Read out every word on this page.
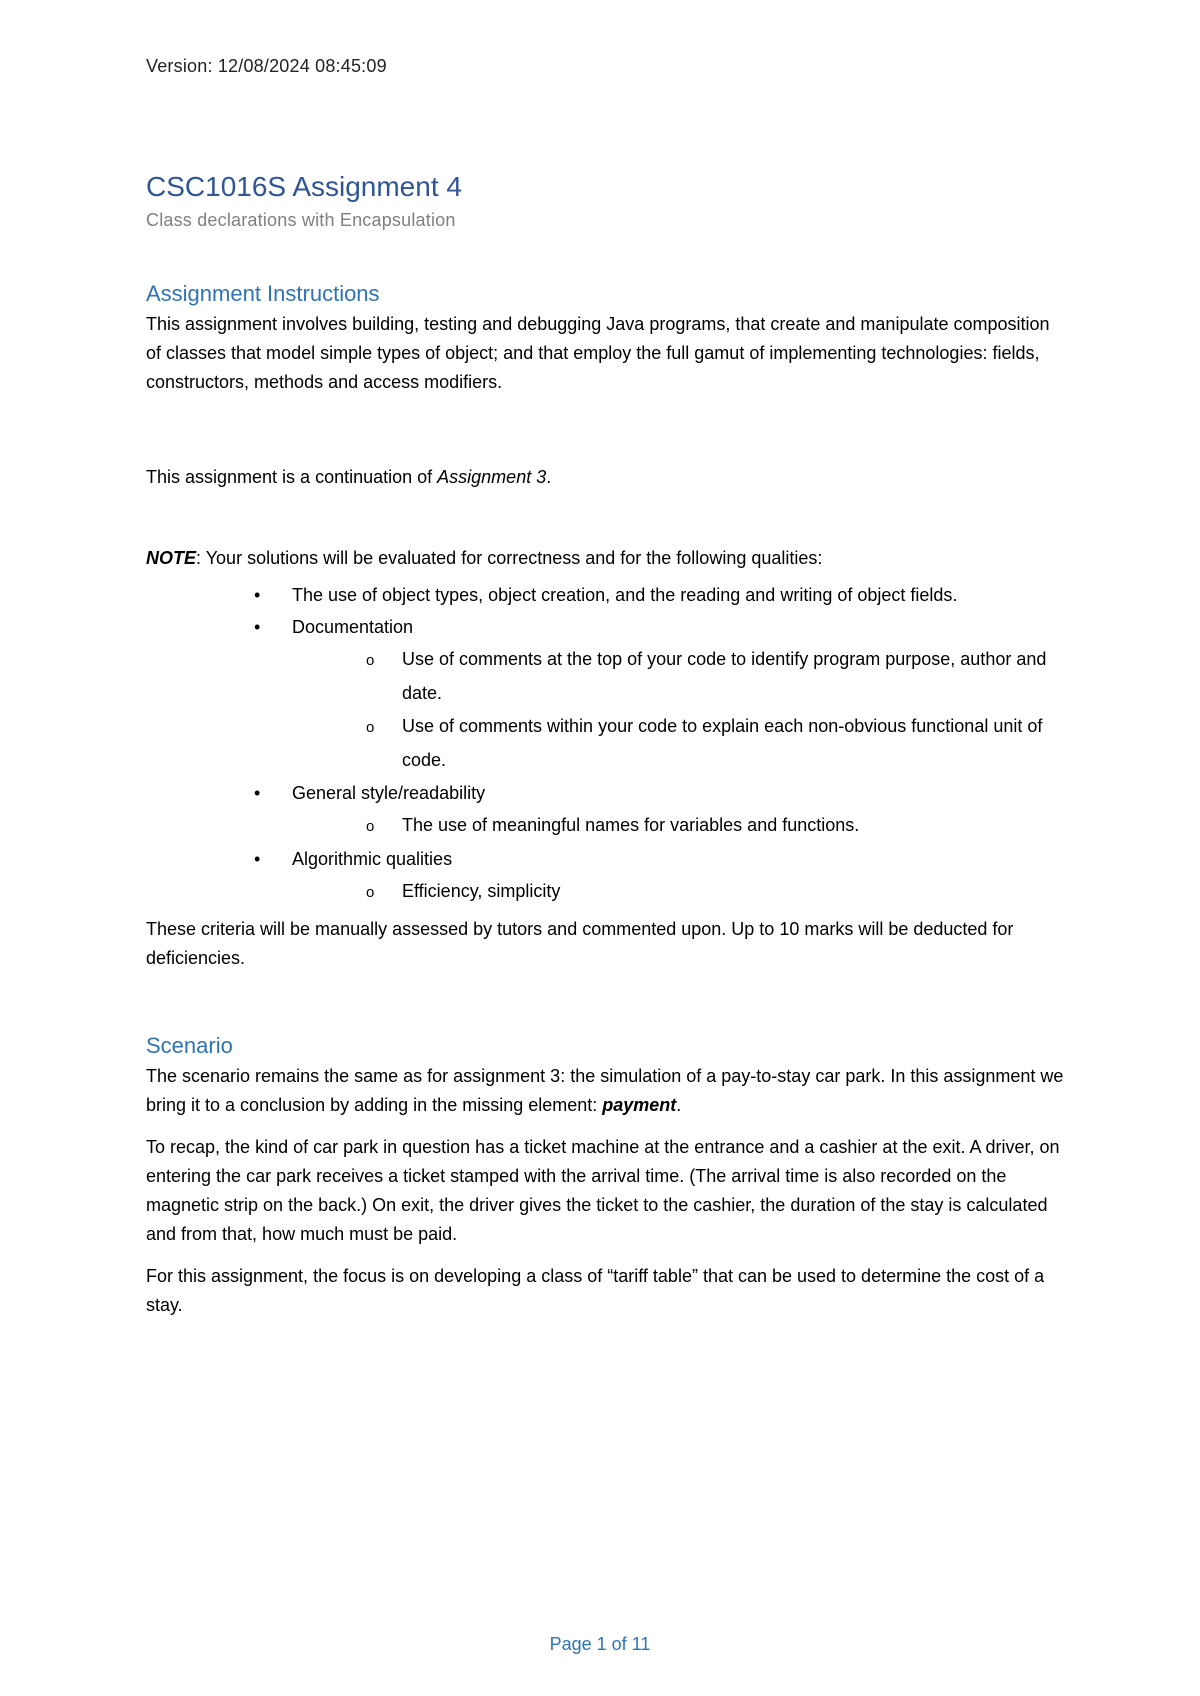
Version: 12/08/2024 08:45:09
CSC1016S Assignment 4
Class declarations with Encapsulation
Assignment Instructions

This assignment involves building, testing and debugging Java programs, that create and manipulate composition of classes that model simple types of object; and that employ the full gamut of implementing technologies: fields, constructors, methods and access modifiers.

This assignment is a continuation of Assignment 3.

NOTE: Your solutions will be evaluated for correctness and for the following qualities:

• The use of object types, object creation, and the reading and writing of object fields.
• Documentation
o Use of comments at the top of your code to identify program purpose, author and date.
o Use of comments within your code to explain each non-obvious functional unit of code.
• General style/readability
o The use of meaningful names for variables and functions.
• Algorithmic qualities
o Efficiency, simplicity

These criteria will be manually assessed by tutors and commented upon. Up to 10 marks will be deducted for deficiencies.

Scenario

The scenario remains the same as for assignment 3: the simulation of a pay-to-stay car park. In this assignment we bring it to a conclusion by adding in the missing element: payment.

To recap, the kind of car park in question has a ticket machine at the entrance and a cashier at the exit. A driver, on entering the car park receives a ticket stamped with the arrival time. (The arrival time is also recorded on the magnetic strip on the back.) On exit, the driver gives the ticket to the cashier, the duration of the stay is calculated and from that, how much must be paid.

For this assignment, the focus is on developing a class of “tariff table” that can be used to determine the cost of a stay.

Page 1 of 11
